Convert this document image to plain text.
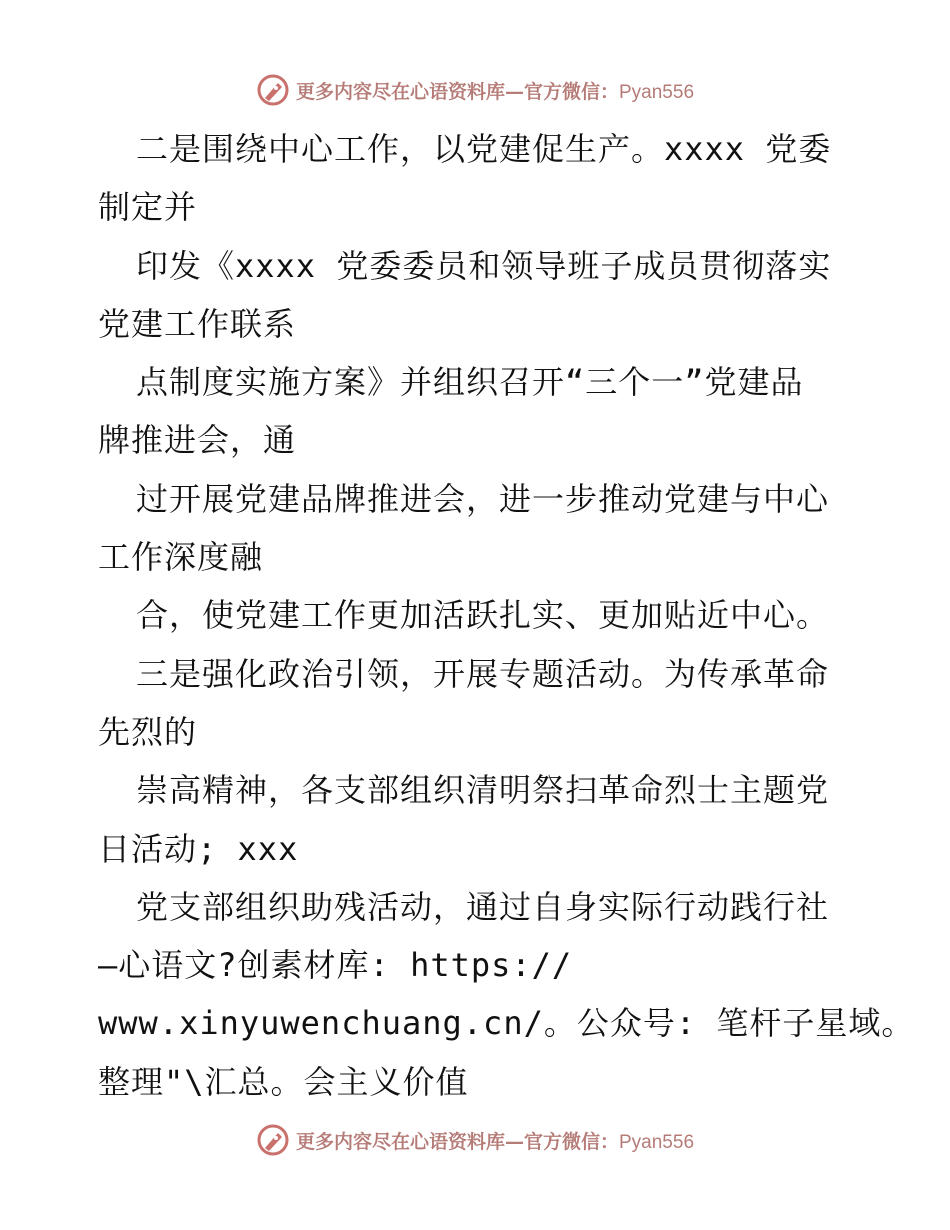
更多内容尽在心语资料库—官方微信：Pyan556
二是围绕中心工作，以党建促生产。xxxx 党委
制定并
印发《xxxx 党委委员和领导班子成员贯彻落实
党建工作联系
点制度实施方案》并组织召开“三个一”党建品
牌推进会，通
过开展党建品牌推进会，进一步推动党建与中心
工作深度融
合，使党建工作更加活跃扎实、更加贴近中心。
三是强化政治引领，开展专题活动。为传承革命
先烈的
崇高精神，各支部组织清明祭扫革命烈士主题党
日活动; xxx
党支部组织助残活动，通过自身实际行动践行社
—心语文?创素材库: https://
www.xinyuwenchuang.cn/。公众号: 笔杆子星域。
整理"\汇总。会主义价值
更多内容尽在心语资料库—官方微信：Pyan556
